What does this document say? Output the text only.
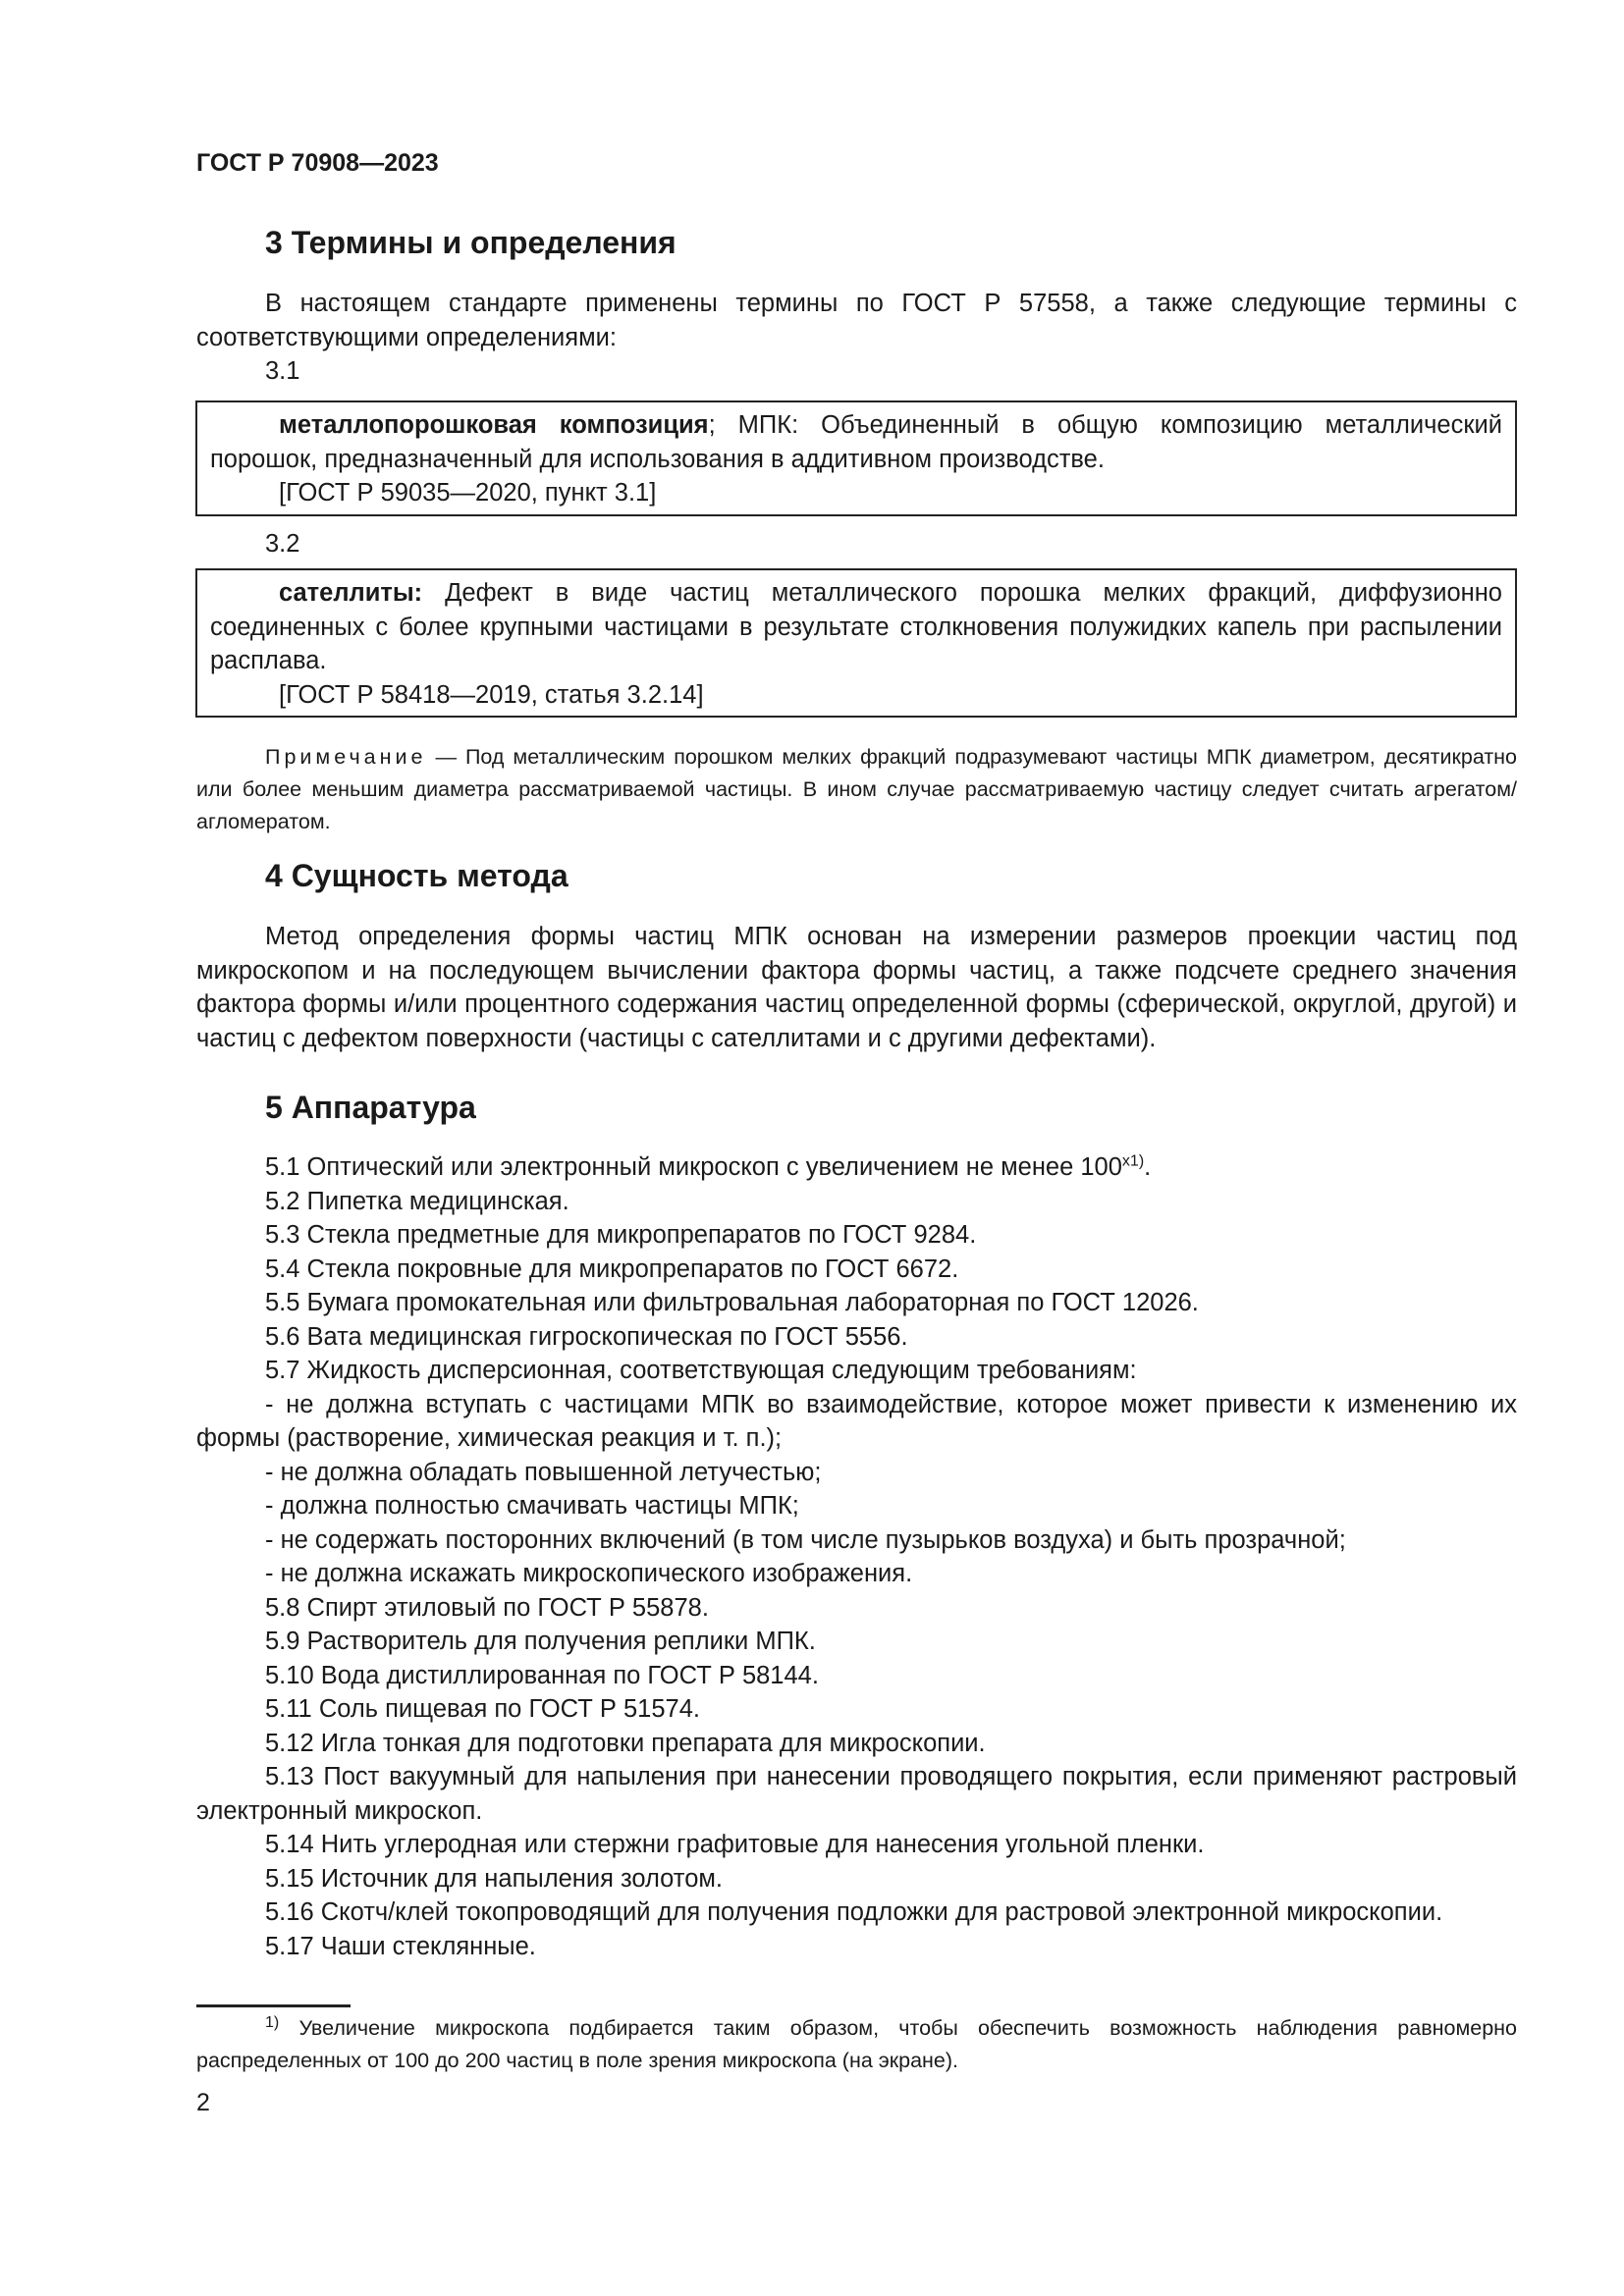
ГОСТ Р 70908—2023
3 Термины и определения

В настоящем стандарте применены термины по ГОСТ Р 57558, а также следующие термины с соответствующими определениями:

3.1

металлопорошковая композиция; МПК: Объединенный в общую композицию металлический порошок, предназначенный для использования в аддитивном производстве.

[ГОСТ Р 59035—2020, пункт 3.1]

3.2

сателлиты: Дефект в виде частиц металлического порошка мелких фракций, диффузионно соединенных с более крупными частицами в результате столкновения полужидких капель при распылении расплава.

[ГОСТ Р 58418—2019, статья 3.2.14]

Примечание — Под металлическим порошком мелких фракций подразумевают частицы МПК диаметром, десятикратно или более меньшим диаметра рассматриваемой частицы. В ином случае рассматриваемую частицу следует считать агрегатом/агломератом.

4 Сущность метода

Метод определения формы частиц МПК основан на измерении размеров проекции частиц под микроскопом и на последующем вычислении фактора формы частиц, а также подсчете среднего значения фактора формы и/или процентного содержания частиц определенной формы (сферической, округлой, другой) и частиц с дефектом поверхности (частицы с сателлитами и с другими дефектами).

5 Аппаратура

5.1 Оптический или электронный микроскоп с увеличением не менее $100^{x1)}$.

5.2 Пипетка медицинская.

5.3 Стекла предметные для микропрепаратов по ГОСТ 9284.

5.4 Стекла покровные для микропрепаратов по ГОСТ 6672.

5.5 Бумага промокательная или фильтровальная лабораторная по ГОСТ 12026.

5.6 Вата медицинская гигроскопическая по ГОСТ 5556.

5.7 Жидкость дисперсионная, соответствующая следующим требованиям:

- не должна вступать с частицами МПК во взаимодействие, которое может привести к изменению их формы (растворение, химическая реакция и т. п.);

- не должна обладать повышенной летучестью;

- должна полностью смачивать частицы МПК;

- не содержать посторонних включений (в том числе пузырьков воздуха) и быть прозрачной;

- не должна искажать микроскопического изображения.

5.8 Спирт этиловый по ГОСТ Р 55878.

5.9 Растворитель для получения реплики МПК.

5.10 Вода дистиллированная по ГОСТ Р 58144.

5.11 Соль пищевая по ГОСТ Р 51574.

5.12 Игла тонкая для подготовки препарата для микроскопии.

5.13 Пост вакуумный для напыления при нанесении проводящего покрытия, если применяют растровый электронный микроскоп.

5.14 Нить углеродная или стержни графитовые для нанесения угольной пленки.

5.15 Источник для напыления золотом.

5.16 Скотч/клей токопроводящий для получения подложки для растровой электронной микроскопии.

5.17 Чаши стеклянные.

$^{1)}$ Увеличение микроскопа подбирается таким образом, чтобы обеспечить возможность наблюдения равномерно распределенных от 100 до 200 частиц в поле зрения микроскопа (на экране).

2
